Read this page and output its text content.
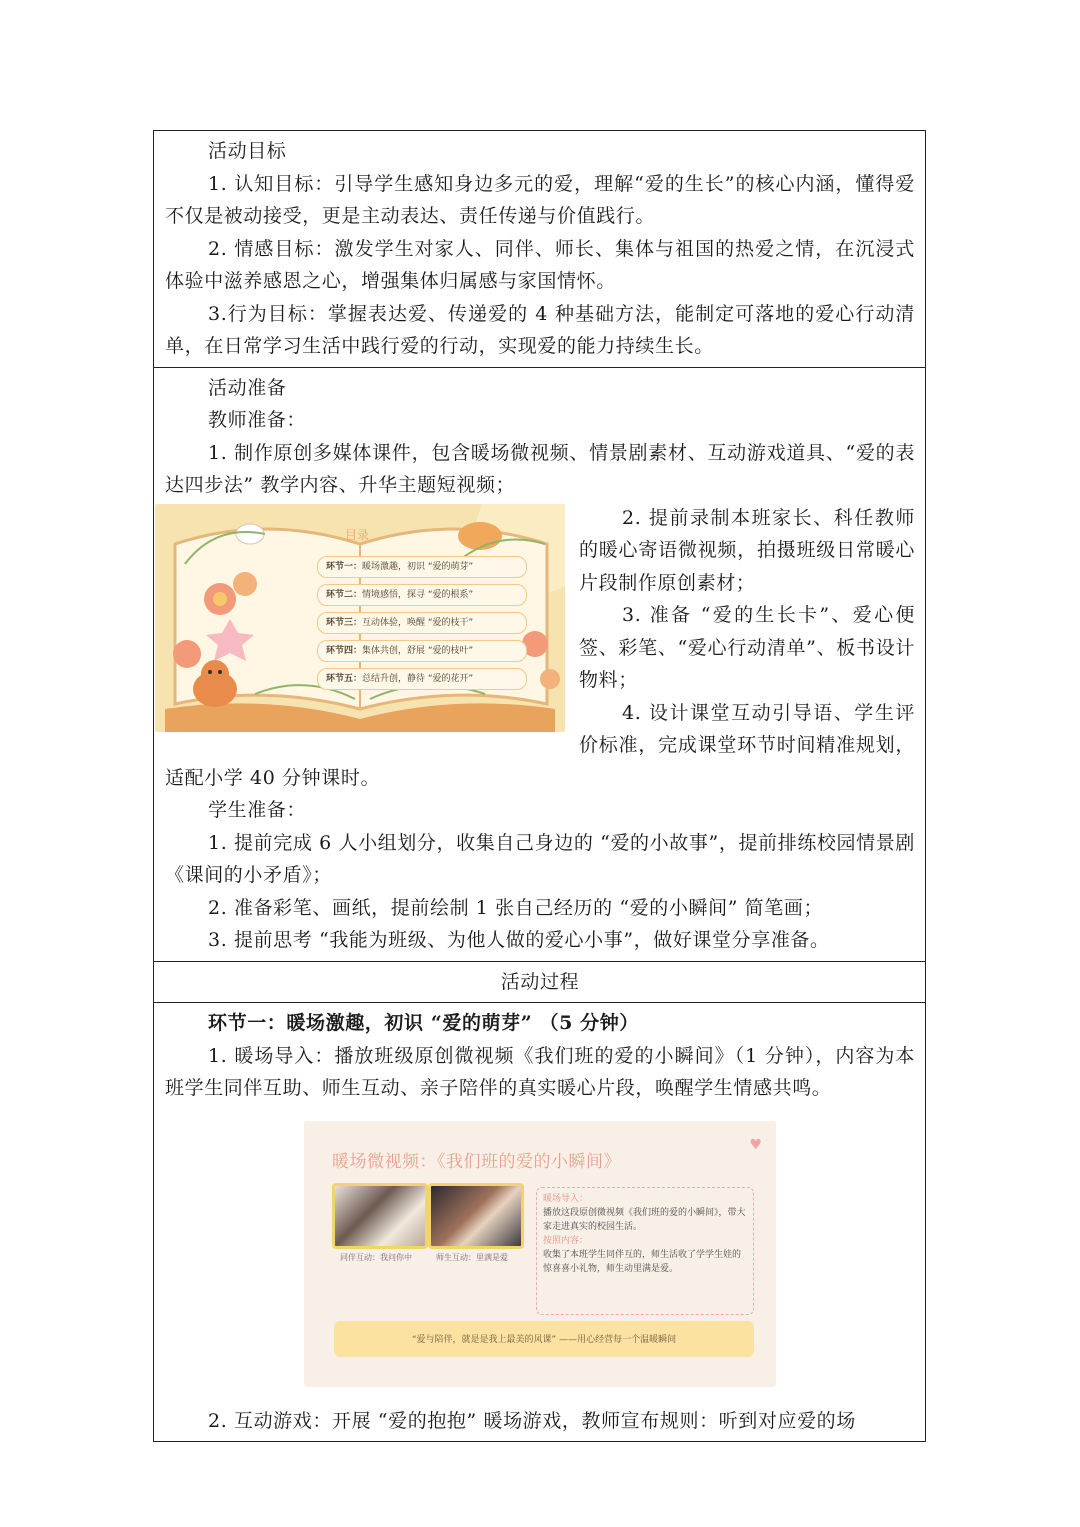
活动目标

1. 认知目标：引导学生感知身边多元的爱，理解“爱的生长”的核心内涵，懂得爱不仅是被动接受，更是主动表达、责任传递与价值践行。

2. 情感目标：激发学生对家人、同伴、师长、集体与祖国的热爱之情，在沉浸式体验中滋养感恩之心，增强集体归属感与家国情怀。

3.行为目标：掌握表达爱、传递爱的 4 种基础方法，能制定可落地的爱心行动清单，在日常学习生活中践行爱的行动，实现爱的能力持续生长。

活动准备

教师准备：

1. 制作原创多媒体课件，包含暖场微视频、情景剧素材、互动游戏道具、“爱的表达四步法” 教学内容、升华主题短视频；

目录
环节一：暖场激趣，初识 “爱的萌芽”
环节二：情境感悟，探寻 “爱的根系”
环节三：互动体验，唤醒 “爱的枝干”
环节四：集体共创，舒展 “爱的枝叶”
环节五：总结升创，静待 “爱的花开”

2. 提前录制本班家长、科任教师的暖心寄语微视频，拍摄班级日常暖心片段制作原创素材；

3. 准备 “爱的生长卡”、爱心便签、彩笔、“爱心行动清单”、板书设计物料；

4. 设计课堂互动引导语、学生评价标准，完成课堂环节时间精准规划，适配小学 40 分钟课时。

学生准备：

1. 提前完成 6 人小组划分，收集自己身边的 “爱的小故事”，提前排练校园情景剧《课间的小矛盾》；

2. 准备彩笔、画纸，提前绘制 1 张自己经历的 “爱的小瞬间” 简笔画；

3. 提前思考 “我能为班级、为他人做的爱心小事”，做好课堂分享准备。

活动过程

环节一：暖场激趣，初识 “爱的萌芽” （5 分钟）

1. 暖场导入：播放班级原创微视频《我们班的爱的小瞬间》（1 分钟），内容为本班学生同伴互助、师生互动、亲子陪伴的真实暖心片段，唤醒学生情感共鸣。

暖场微视频：《我们班的爱的小瞬间》
♥
同伴互动：我问你中	师生互动：里满是爱
暖场导入：
播放这段原创微视频《我们班的爱的小瞬间》，带大家走进真实的校园生活。
按照内容：
收集了本班学生同伴互的，师生活收了学学生娃的惊喜喜小礼物，师生动里满是爱。
“爱与陪伴，就是是我上最美的风课” ——用心经营每一个温暖瞬间

2. 互动游戏：开展 “爱的抱抱” 暖场游戏，教师宣布规则：听到对应爱的场
